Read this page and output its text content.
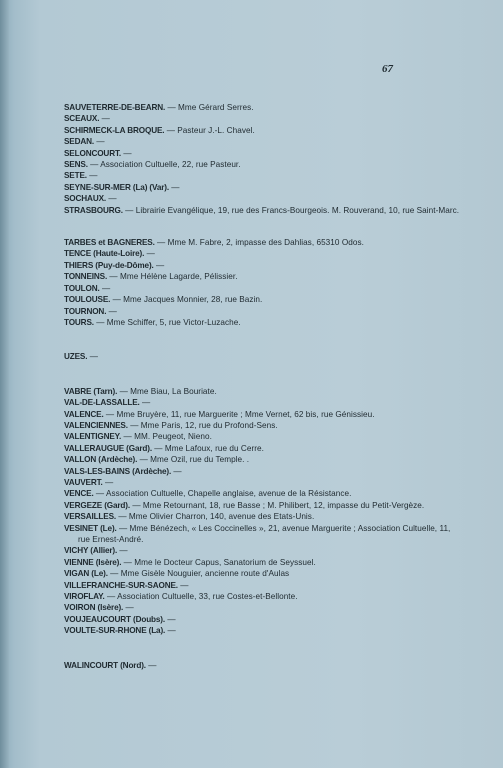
67
SAUVETERRE-DE-BEARN. — Mme Gérard Serres.
SCEAUX. —
SCHIRMECK-LA BROQUE. — Pasteur J.-L. Chavel.
SEDAN. —
SELONCOURT. —
SENS. — Association Cultuelle, 22, rue Pasteur.
SETE. —
SEYNE-SUR-MER (La) (Var). —
SOCHAUX. —
STRASBOURG. — Librairie Evangélique, 19, rue des Francs-Bourgeois. M. Rouverand, 10, rue Saint-Marc.
TARBES et BAGNERES. — Mme M. Fabre, 2, impasse des Dahlias, 65310 Odos.
TENCE (Haute-Loire). —
THIERS (Puy-de-Dôme). —
TONNEINS. — Mme Hélène Lagarde, Pélissier.
TOULON. —
TOULOUSE. — Mme Jacques Monnier, 28, rue Bazin.
TOURNON. —
TOURS. — Mme Schiffer, 5, rue Victor-Luzache.
UZES. —
VABRE (Tarn). — Mme Biau, La Bouriate.
VAL-DE-LASSALLE. —
VALENCE. — Mme Bruyère, 11, rue Marguerite ; Mme Vernet, 62 bis, rue Génissieu.
VALENCIENNES. — Mme Paris, 12, rue du Profond-Sens.
VALENTIGNEY. — MM. Peugeot, Nieno.
VALLERAUGUE (Gard). — Mme Lafoux, rue du Cerre.
VALLON (Ardèche). — Mme Ozil, rue du Temple. .
VALS-LES-BAINS (Ardèche). —
VAUVERT. —
VENCE. — Association Cultuelle, Chapelle anglaise, avenue de la Résistance.
VERGEZE (Gard). — Mme Retournant, 18, rue Basse ; M. Philibert, 12, impasse du Petit-Vergèze.
VERSAILLES. — Mme Olivier Charron, 140, avenue des Etats-Unis.
VESINET (Le). — Mme Bénézech, « Les Coccinelles », 21, avenue Marguerite ; Association Cultuelle, 11, rue Ernest-André.
VICHY (Allier). —
VIENNE (Isère). — Mme le Docteur Capus, Sanatorium de Seyssuel.
VIGAN (Le). — Mme Gisèle Nouguier, ancienne route d'Aulas
VILLEFRANCHE-SUR-SAONE. —
VIROFLAY. — Association Cultuelle, 33, rue Costes-et-Bellonte.
VOIRON (Isère). —
VOUJEAUCOURT (Doubs). —
VOULTE-SUR-RHONE (La). —
WALINCOURT (Nord). —
